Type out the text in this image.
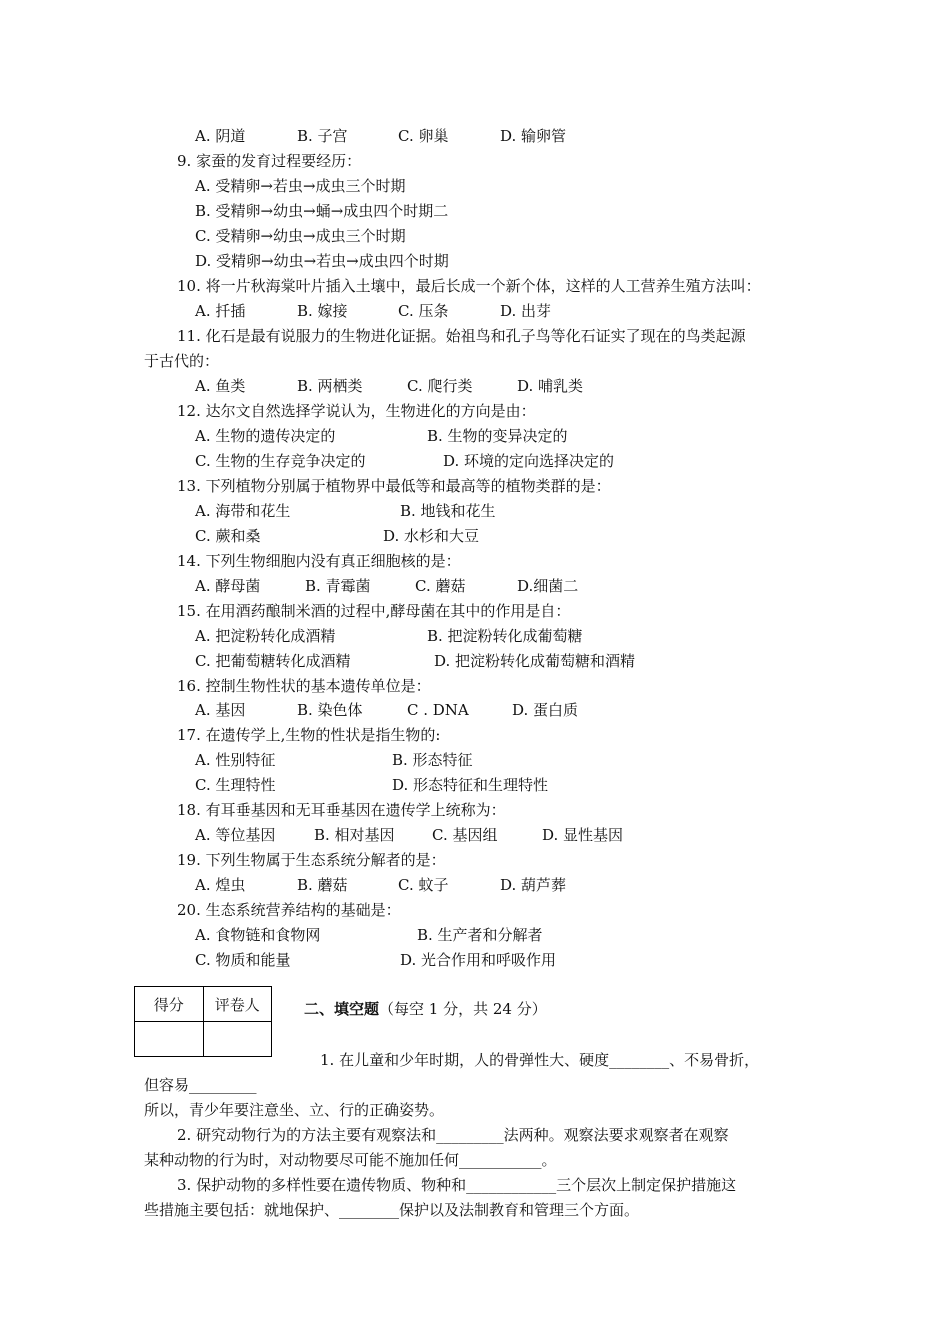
A. 阴道	B. 子宫	C. 卵巢	D. 输卵管
9. 家蚕的发育过程要经历：
A. 受精卵→若虫→成虫三个时期
B. 受精卵→幼虫→蛹→成虫四个时期二
C. 受精卵→幼虫→成虫三个时期
D. 受精卵→幼虫→若虫→成虫四个时期
10. 将一片秋海棠叶片插入土壤中，最后长成一个新个体，这样的人工营养生殖方法叫：
A. 扦插	B. 嫁接	C. 压条	D. 出芽
11. 化石是最有说服力的生物进化证据。始祖鸟和孔子鸟等化石证实了现在的鸟类起源
于古代的：
A. 鱼类	B. 两栖类	C. 爬行类	D. 哺乳类
12. 达尔文自然选择学说认为，生物进化的方向是由：
A. 生物的遗传决定的	B. 生物的变异决定的
C. 生物的生存竞争决定的	D. 环境的定向选择决定的
13. 下列植物分别属于植物界中最低等和最高等的植物类群的是：
A. 海带和花生	B. 地钱和花生
C. 蕨和桑	D. 水杉和大豆
14. 下列生物细胞内没有真正细胞核的是：
A. 酵母菌	B. 青霉菌	C. 蘑菇	D.细菌二
15. 在用酒药酿制米酒的过程中,酵母菌在其中的作用是自：
A. 把淀粉转化成酒精	B. 把淀粉转化成葡萄糖
C. 把葡萄糖转化成酒精	D. 把淀粉转化成葡萄糖和酒精
16. 控制生物性状的基本遗传单位是：
A. 基因	B. 染色体	C . DNA	D. 蛋白质
17. 在遗传学上,生物的性状是指生物的:
A. 性别特征	B. 形态特征
C. 生理特性	D. 形态特征和生理特性
18. 有耳垂基因和无耳垂基因在遗传学上统称为：
A. 等位基因	B. 相对基因 C. 基因组	D. 显性基因
19. 下列生物属于生态系统分解者的是：
A. 煌虫	B. 蘑菇	C. 蚊子	D. 葫芦葬
20. 生态系统营养结构的基础是：
A. 食物链和食物网	B. 生产者和分解者
C. 物质和能量	D. 光合作用和呼吸作用
得分	评卷人
		二、填空题（每空 1 分，共 24 分）
1. 在儿童和少年时期，人的骨弹性大、硬度________、不易骨折，
但容易_________
所以，青少年要注意坐、立、行的正确姿势。
2. 研究动物行为的方法主要有观察法和_________法两种。观察法要求观察者在观察
某种动物的行为时，对动物要尽可能不施加任何___________。
3. 保护动物的多样性要在遗传物质、物种和____________三个层次上制定保护措施这
些措施主要包括：就地保护、________保护以及法制教育和管理三个方面。
